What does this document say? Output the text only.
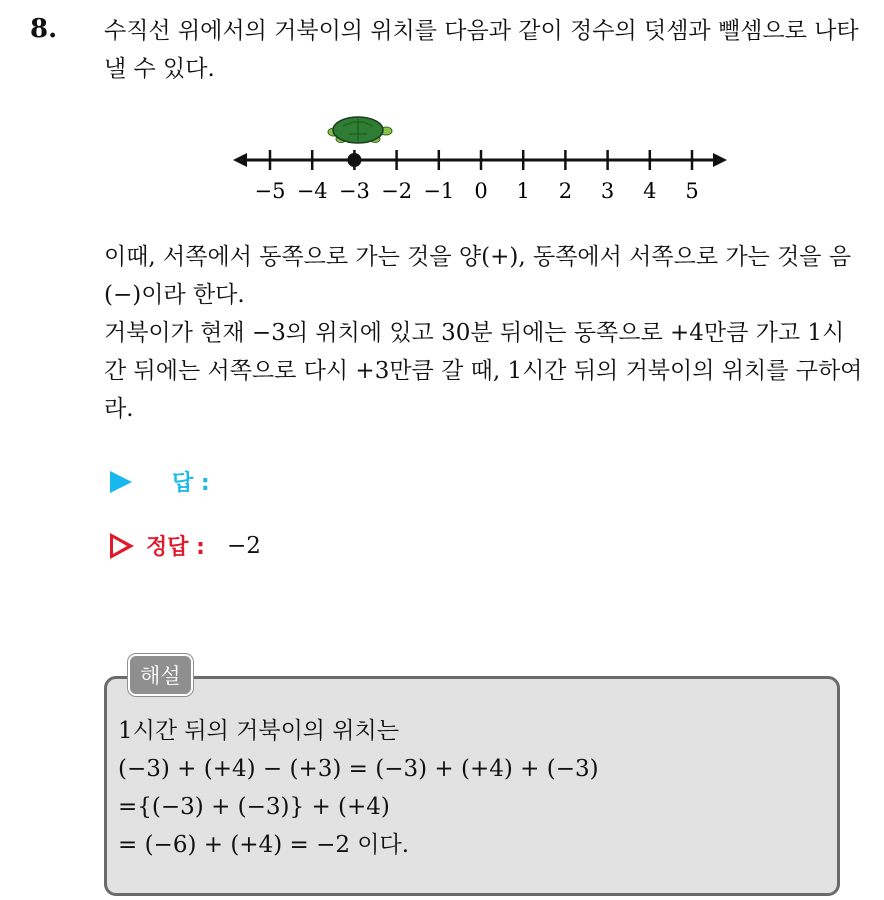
8. 수직선 위에서의 거북이의 위치를 다음과 같이 정수의 덧셈과 뺄셈으로 나타낼 수 있다.

−5 −4 −3 −2 −1 0 1 2 3 4 5

이때, 서쪽에서 동쪽으로 가는 것을 양(+), 동쪽에서 서쪽으로 가는 것을 음(−)이라 한다.

거북이가 현재 −3의 위치에 있고 30분 뒤에는 동쪽으로 +4만큼 가고 1시간 뒤에는 서쪽으로 다시 +3만큼 갈 때, 1시간 뒤의 거북이의 위치를 구하여라.

답 :
정답 : −2
해설
1시간 뒤의 거북이의 위치는
(−3) + (+4) − (+3) = (−3) + (+4) + (−3)
={(−3) + (−3)} + (+4)
= (−6) + (+4) = −2 이다.
